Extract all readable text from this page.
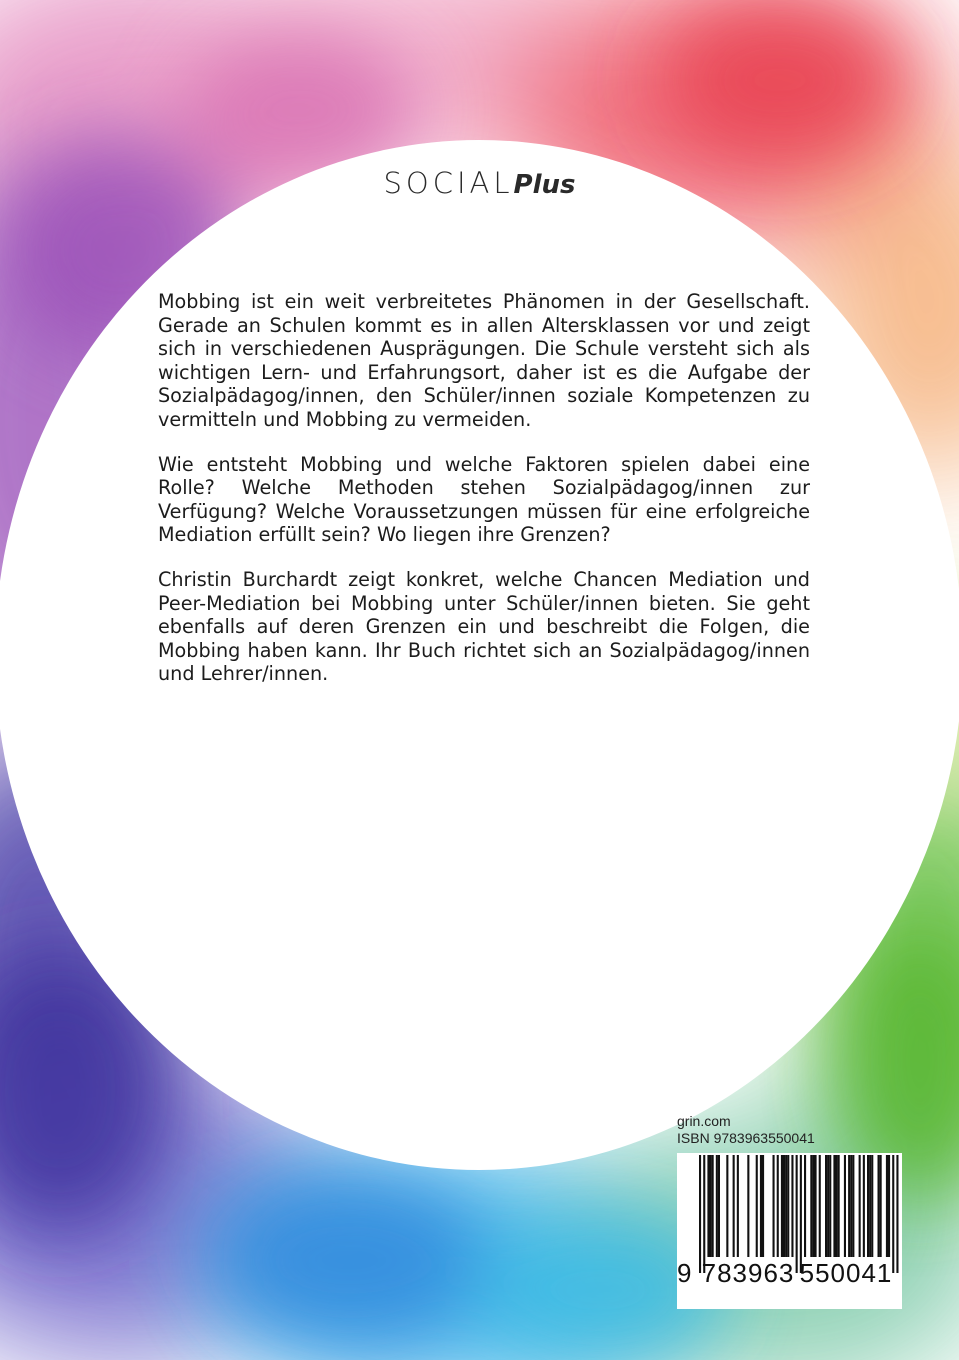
SOCIALPlus

Mobbing ist ein weit verbreitetes Phänomen in der Gesellschaft. Gerade an Schulen kommt es in allen Altersklassen vor und zeigt sich in verschiedenen Ausprägungen. Die Schule versteht sich als wichtigen Lern- und Erfahrungsort, daher ist es die Aufgabe der Sozialpädagog/innen, den Schüler/innen soziale Kompetenzen zu vermitteln und Mobbing zu vermeiden.

Wie entsteht Mobbing und welche Faktoren spielen dabei eine Rolle? Welche Methoden stehen Sozialpädagog/innen zur Verfügung? Welche Voraussetzungen müssen für eine erfolgreiche Mediation erfüllt sein? Wo liegen ihre Grenzen?

Christin Burchardt zeigt konkret, welche Chancen Mediation und Peer-Mediation bei Mobbing unter Schüler/innen bieten. Sie geht ebenfalls auf deren Grenzen ein und beschreibt die Folgen, die Mobbing haben kann. Ihr Buch richtet sich an Sozialpädagog/innen und Lehrer/innen.

grin.com
ISBN 9783963550041
9 783963 550041
